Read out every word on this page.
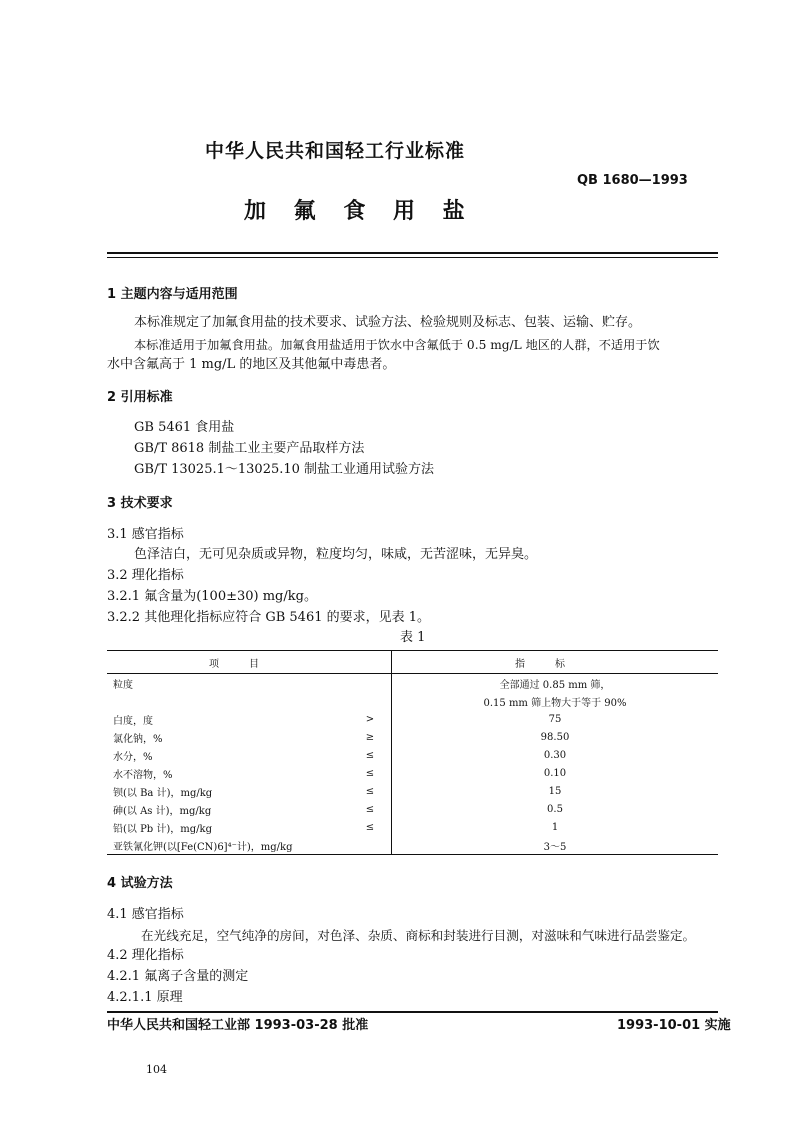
中华人民共和国轻工行业标准
QB 1680—1993
加 氟 食 用 盐
1 主题内容与适用范围
本标准规定了加氟食用盐的技术要求、试验方法、检验规则及标志、包装、运输、贮存。
本标准适用于加氟食用盐。加氟食用盐适用于饮水中含氟低于 0.5 mg/L 地区的人群，不适用于饮
水中含氟高于 1 mg/L 的地区及其他氟中毒患者。
2 引用标准
GB 5461 食用盐
GB/T 8618 制盐工业主要产品取样方法
GB/T 13025.1～13025.10 制盐工业通用试验方法
3 技术要求
3.1 感官指标
色泽洁白，无可见杂质或异物，粒度均匀，味咸，无苦涩味，无异臭。
3.2 理化指标
3.2.1 氟含量为(100±30) mg/kg。
3.2.2 其他理化指标应符合 GB 5461 的要求，见表 1。
表 1
项目		指标
粒度		全部通过 0.85 mm 筛，
		0.15 mm 筛上物大于等于 90%
白度，度	>	75
氯化钠，%	≥	98.50
水分，%	≤	0.30
水不溶物，%	≤	0.10
钡(以 Ba 计)，mg/kg	≤	15
砷(以 As 计)，mg/kg	≤	0.5
铅(以 Pb 计)，mg/kg	≤	1
亚铁氰化钾(以[Fe(CN)6]⁴⁻计)，mg/kg		3～5
4 试验方法
4.1 感官指标
在光线充足，空气纯净的房间，对色泽、杂质、商标和封装进行目测，对滋味和气味进行品尝鉴定。
4.2 理化指标
4.2.1 氟离子含量的测定
4.2.1.1 原理
中华人民共和国轻工业部 1993-03-28 批准	1993-10-01 实施
104
